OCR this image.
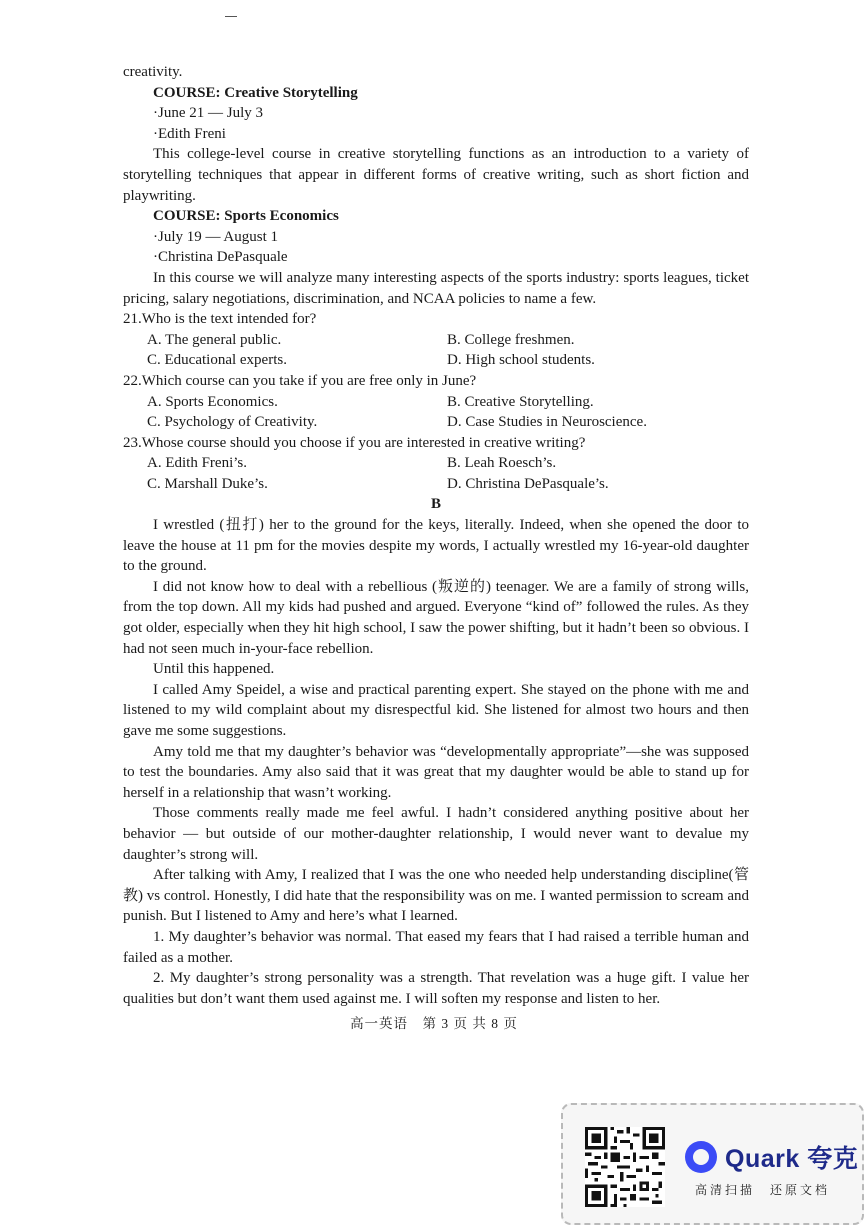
creativity.
COURSE: Creative Storytelling
·June 21 — July 3
·Edith Freni

This college-level course in creative storytelling functions as an introduction to a variety of storytelling techniques that appear in different forms of creative writing, such as short fiction and playwriting.

COURSE: Sports Economics
·July 19 — August 1
·Christina DePasquale

In this course we will analyze many interesting aspects of the sports industry: sports leagues, ticket pricing, salary negotiations, discrimination, and NCAA policies to name a few.

21.Who is the text intended for?
A. The general public.	B. College freshmen.
C. Educational experts.	D. High school students.
22.Which course can you take if you are free only in June?
A. Sports Economics.	B. Creative Storytelling.
C. Psychology of Creativity.	D. Case Studies in Neuroscience.
23.Whose course should you choose if you are interested in creative writing?
A. Edith Freni’s.	B. Leah Roesch’s.
C. Marshall Duke’s.	D. Christina DePasquale’s.
B

I wrestled (扭打) her to the ground for the keys, literally. Indeed, when she opened the door to leave the house at 11 pm for the movies despite my words, I actually wrestled my 16-year-old daughter to the ground.

I did not know how to deal with a rebellious (叛逆的) teenager. We are a family of strong wills, from the top down. All my kids had pushed and argued. Everyone “kind of” followed the rules. As they got older, especially when they hit high school, I saw the power shifting, but it hadn’t been so obvious. I had not seen much in-your-face rebellion.

Until this happened.

I called Amy Speidel, a wise and practical parenting expert. She stayed on the phone with me and listened to my wild complaint about my disrespectful kid. She listened for almost two hours and then gave me some suggestions.

Amy told me that my daughter’s behavior was “developmentally appropriate”—she was supposed to test the boundaries. Amy also said that it was great that my daughter would be able to stand up for herself in a relationship that wasn’t working.

Those comments really made me feel awful. I hadn’t considered anything positive about her behavior — but outside of our mother-daughter relationship, I would never want to devalue my daughter’s strong will.

After talking with Amy, I realized that I was the one who needed help understanding discipline(管教) vs control. Honestly, I did hate that the responsibility was on me. I wanted permission to scream and punish. But I listened to Amy and here’s what I learned.

1. My daughter’s behavior was normal. That eased my fears that I had raised a terrible human and failed as a mother.

2. My daughter’s strong personality was a strength. That revelation was a huge gift. I value her qualities but don’t want them used against me. I will soften my response and listen to her.

高一英语　第 3 页 共 8 页
Quark 夸克
高清扫描　还原文档
